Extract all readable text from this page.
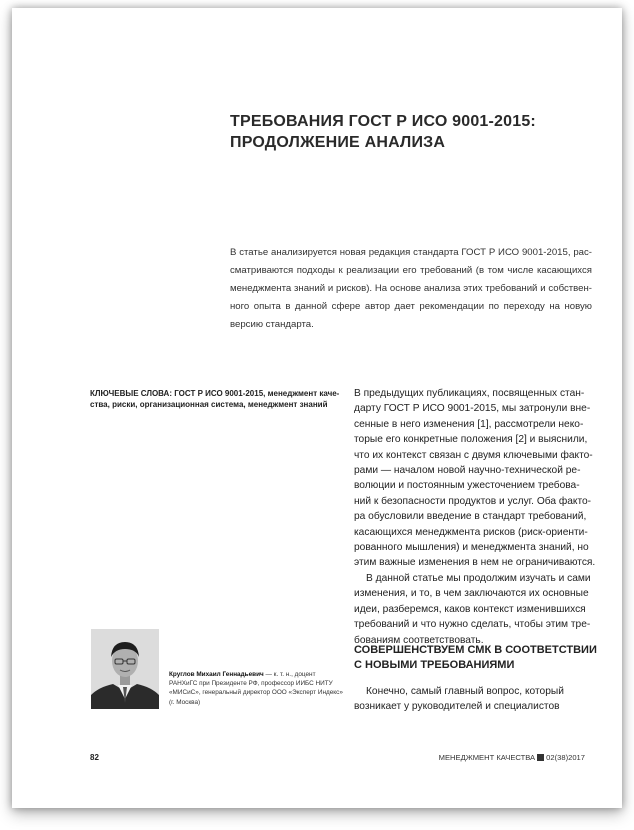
ТРЕБОВАНИЯ ГОСТ Р ИСО 9001-2015:
ПРОДОЛЖЕНИЕ АНАЛИЗА
В статье анализируется новая редакция стандарта ГОСТ Р ИСО 9001-2015, рас-
сматриваются подходы к реализации его требований (в том числе касающихся
менеджмента знаний и рисков). На основе анализа этих требований и собствен-
ного опыта в данной сфере автор дает рекомендации по переходу на новую
версию стандарта.
КЛЮЧЕВЫЕ СЛОВА: ГОСТ Р ИСО 9001-2015, менеджмент каче-
ства, риски, организационная система, менеджмент знаний
В предыдущих публикациях, посвященных стан-
дарту ГОСТ Р ИСО 9001-2015, мы затронули вне-
сенные в него изменения [1], рассмотрели неко-
торые его конкретные положения [2] и выяснили,
что их контекст связан с двумя ключевыми факто-
рами — началом новой научно-технической ре-
волюции и постоянным ужесточением требова-
ний к безопасности продуктов и услуг. Оба факто-
ра обусловили введение в стандарт требований,
касающихся менеджмента рисков (риск-ориенти-
рованного мышления) и менеджмента знаний, но
этим важные изменения в нем не ограничиваются.
В данной статье мы продолжим изучать и сами
изменения, и то, в чем заключаются их основные
идеи, разберемся, каков контекст изменившихся
требований и что нужно сделать, чтобы этим тре-
бованиям соответствовать.
СОВЕРШЕНСТВУЕМ СМК В СООТВЕТСТВИИ
С НОВЫМИ ТРЕБОВАНИЯМИ
Конечно, самый главный вопрос, который
возникает у руководителей и специалистов
Круглов Михаил Геннадьевич — к. т. н., доцент
РАНХиГС при Президенте РФ, профессор ИИБС НИТУ
«МИСиС», генеральный директор ООО «Эксперт Индекс»
(г. Москва)
82	МЕНЕДЖМЕНТ КАЧЕСТВА 02(38)2017
